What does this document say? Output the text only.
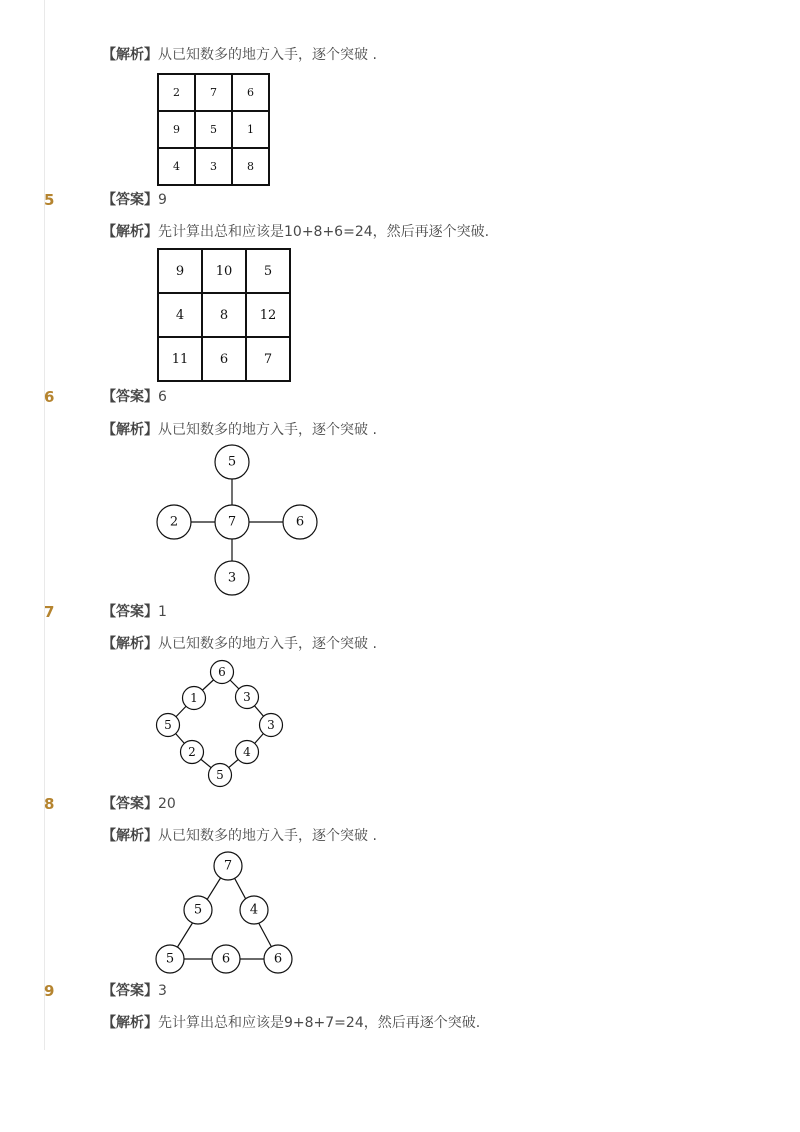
【解析】从已知数多的地方入手，逐个突破 .
2	7	6
9	5	1
4	3	8
5	【答案】9
【解析】先计算出总和应该是10+8+6=24，然后再逐个突破.
9	10	5
4	8	12
11	6	7
6	【答案】6
【解析】从已知数多的地方入手，逐个突破 .
5
2	7	6
3
7	【答案】1
【解析】从已知数多的地方入手，逐个突破 .
6
3
3
4
5
2
5
1
8	【答案】20
【解析】从已知数多的地方入手，逐个突破 .
7
5	4
5	6	6
9	【答案】3
【解析】先计算出总和应该是9+8+7=24，然后再逐个突破.
